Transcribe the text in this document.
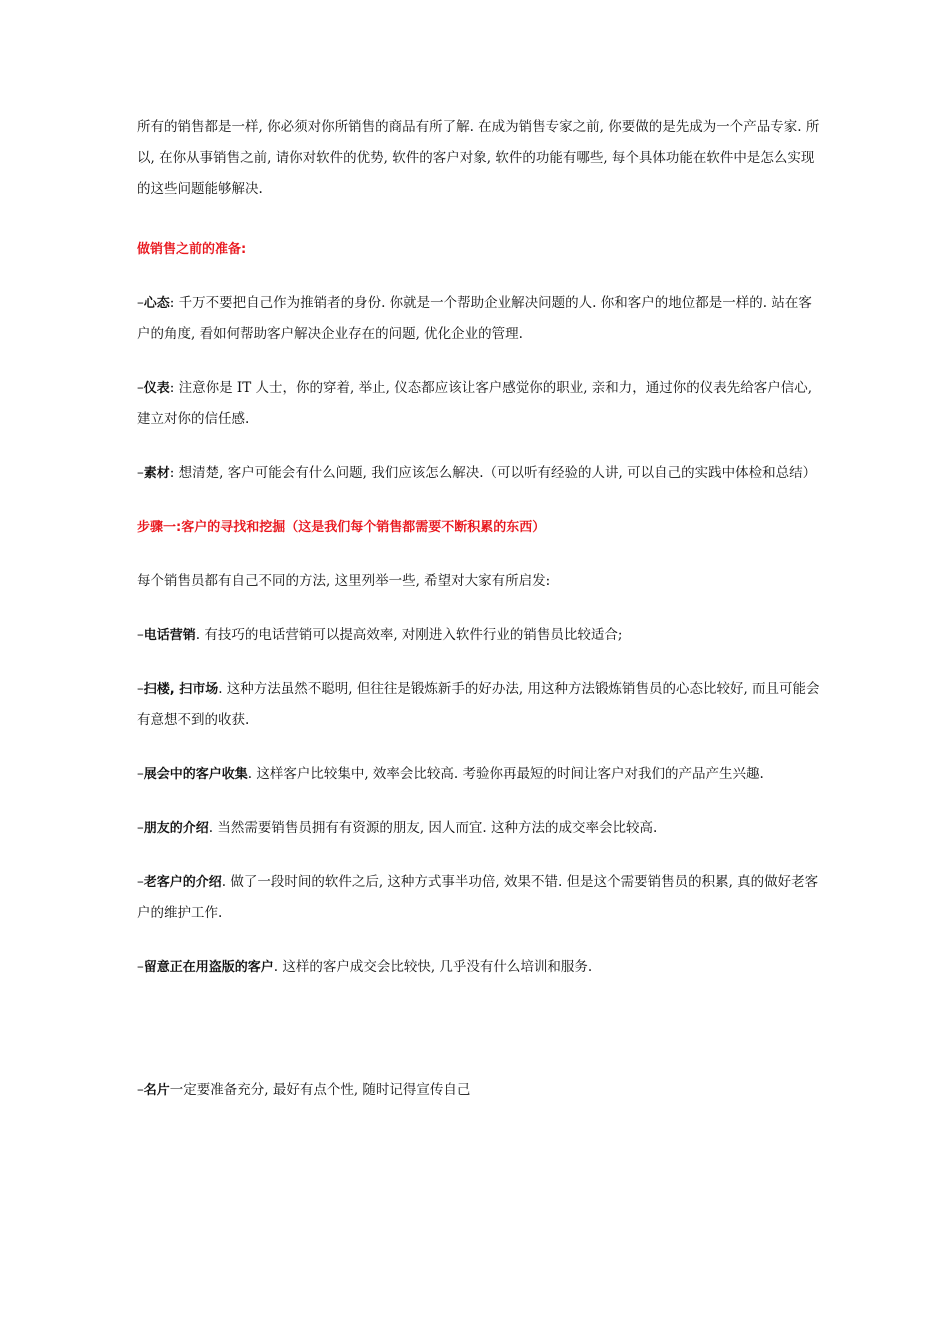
所有的销售都是一样, 你必须对你所销售的商品有所了解. 在成为销售专家之前, 你要做的是先成为一个产品专家. 所以, 在你从事销售之前, 请你对软件的优势, 软件的客户对象, 软件的功能有哪些, 每个具体功能在软件中是怎么实现的这些问题能够解决.

做销售之前的准备:

–心态: 千万不要把自己作为推销者的身份. 你就是一个帮助企业解决问题的人. 你和客户的地位都是一样的. 站在客户的角度, 看如何帮助客户解决企业存在的问题, 优化企业的管理.

–仪表: 注意你是 IT 人士，你的穿着, 举止, 仪态都应该让客户感觉你的职业, 亲和力，通过你的仪表先给客户信心, 建立对你的信任感.

–素材: 想清楚, 客户可能会有什么问题, 我们应该怎么解决.（可以听有经验的人讲, 可以自己的实践中体检和总结）

步骤一:客户的寻找和挖掘（这是我们每个销售都需要不断积累的东西）

每个销售员都有自己不同的方法, 这里列举一些, 希望对大家有所启发:

–电话营销. 有技巧的电话营销可以提高效率, 对刚进入软件行业的销售员比较适合;

–扫楼, 扫市场. 这种方法虽然不聪明, 但往往是锻炼新手的好办法, 用这种方法锻炼销售员的心态比较好, 而且可能会有意想不到的收获.

–展会中的客户收集. 这样客户比较集中, 效率会比较高. 考验你再最短的时间让客户对我们的产品产生兴趣.

–朋友的介绍. 当然需要销售员拥有有资源的朋友, 因人而宜. 这种方法的成交率会比较高.

–老客户的介绍. 做了一段时间的软件之后, 这种方式事半功倍, 效果不错. 但是这个需要销售员的积累, 真的做好老客户的维护工作.

–留意正在用盗版的客户. 这样的客户成交会比较快, 几乎没有什么培训和服务.

–名片一定要准备充分, 最好有点个性, 随时记得宣传自己
